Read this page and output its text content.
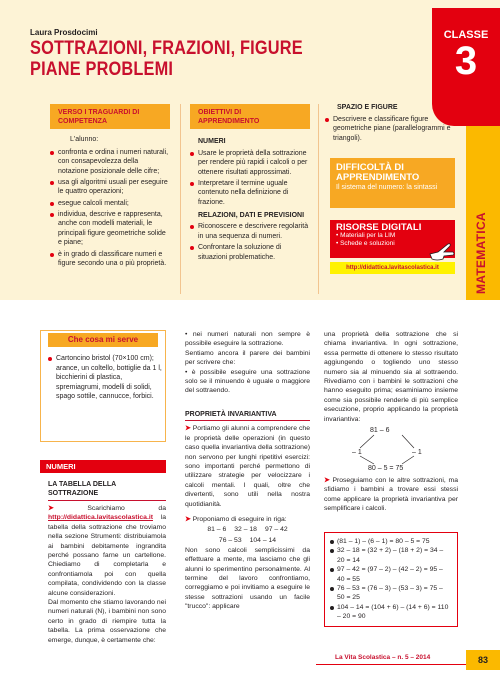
Laura Prosdocimi
SOTTRAZIONI, FRAZIONI, FIGURE PIANE PROBLEMI
CLASSE
3
MATEMATICA
VERSO I TRAGUARDI DI COMPETENZA
L'alunno:
confronta e ordina i numeri naturali, con consapevolezza della notazione posizionale delle cifre;
usa gli algoritmi usuali per eseguire le quattro operazioni;
esegue calcoli mentali;
individua, descrive e rappresenta, anche con modelli materiali, le principali figure geometriche solide e piane;
è in grado di classificare numeri e figure secondo una o più proprietà.
OBIETTIVI DI APPRENDIMENTO
NUMERI
Usare le proprietà della sottrazione per rendere più rapidi i calcoli o per ottenere risultati approssimati.
Interpretare il termine uguale contenuto nella definizione di frazione.
RELAZIONI, DATI E PREVISIONI
Riconoscere e descrivere regolarità in una sequenza di numeri.
Confrontare la soluzione di situazioni problematiche.
SPAZIO E FIGURE
Descrivere e classificare figure geometriche piane (parallelogrammi e triangoli).
DIFFICOLTÀ DI APPRENDIMENTO
Il sistema del numero: la sintassi
RISORSE DIGITALI
• Materiali per la LIM
• Schede e soluzioni
http://didattica.lavitascolastica.it
Che cosa mi serve
Cartoncino bristol (70×100 cm); arance, un coltello, bottiglie da 1 l, bicchierini di plastica, spremiagrumi, modelli di solidi, spago sottile, cannucce, forbici.
NUMERI
LA TABELLA DELLA SOTTRAZIONE

➤	Scarichiamo da http://didattica.lavitascolastica.it la tabella della sottrazione che troviamo nella sezione Strumenti: distribuiamola ai bambini debitamente ingrandita perché possano farne un cartellone. Chiediamo di completarla e confrontiamola poi con quella compilata, condividendo con la classe alcune considerazioni.

Dal momento che stiamo lavorando nei numeri naturali (N), i bambini non sono certo in grado di riempire tutta la tabella. La prima osservazione che emerge, dunque, è certamente che:

• nei numeri naturali non sempre è possibile eseguire la sottrazione.

Sentiamo ancora il parere dei bambini per scrivere che:

• è possibile eseguire una sottrazione solo se il minuendo è uguale o maggiore del sottraendo.

PROPRIETÀ INVARIANTIVA

➤ Portiamo gli alunni a comprendere che le proprietà delle operazioni (in questo caso quella invariantiva della sottrazione) non servono per lunghi ripetitivi esercizi: sono importanti perché permettono di utilizzare strategie per velocizzare i calcoli mentali. I quali, oltre che divertenti, sono utili nella nostra quotidianità.

➤ Proponiamo di eseguire in riga:

81 – 6 32 – 18 97 – 42
76 – 53 104 – 14

Non sono calcoli semplicissimi da effettuare a mente, ma lasciamo che gli alunni lo sperimentino personalmente. Al termine del lavoro confrontiamo, correggiamo e poi invitiamo a eseguire le stesse sottrazioni usando un facile "trucco": applicare

una proprietà della sottrazione che si chiama invariantiva. In ogni sottrazione, essa permette di ottenere lo stesso risultato aggiungendo o togliendo uno stesso numero sia al minuendo sia al sottraendo. Rivediamo con i bambini le sottrazioni che hanno eseguito prima; esaminiamo insieme come sia possibile renderle di più semplice esecuzione, proprio applicando la proprietà invariantiva:

81 – 6
– 1	– 1
80 – 5 = 75

➤ Proseguiamo con le altre sottrazioni, ma sfidiamo i bambini a trovare essi stessi come applicare la proprietà invariantiva per semplificare i calcoli.

(81 – 1) – (6 – 1) = 80 – 5 = 75
32 – 18 = (32 + 2) – (18 + 2) = 34 – 20 = 14
97 – 42 = (97 – 2) – (42 – 2) = 95 – 40 = 55
76 – 53 = (76 – 3) – (53 – 3) = 75 – 50 = 25
104 – 14 = (104 + 6) – (14 + 6) = 110 – 20 = 90
La Vita Scolastica – n. 5 – 2014	83
